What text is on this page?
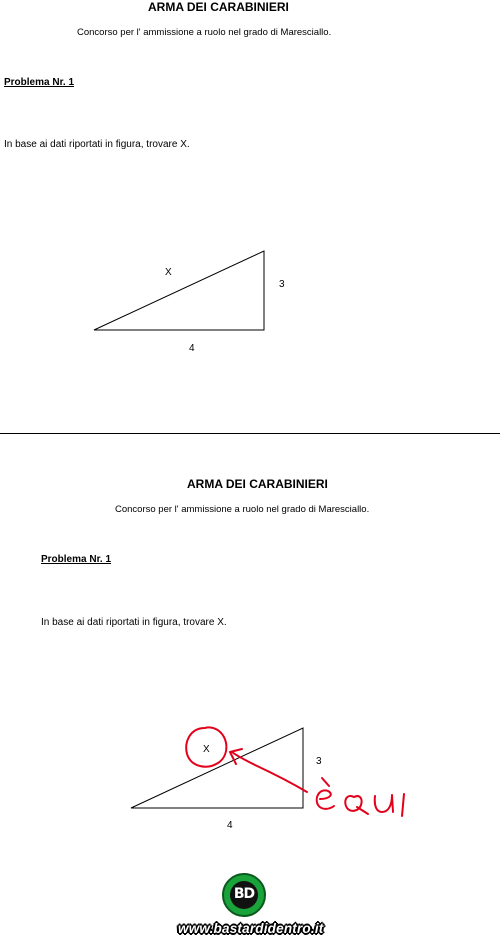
ARMA DEI CARABINIERI
Concorso per l' ammissione a ruolo nel grado di Maresciallo.
Problema Nr. 1
In base ai dati riportati in figura, trovare X.
X
3
4
ARMA DEI CARABINIERI
Concorso per l' ammissione a ruolo nel grado di Maresciallo.
Problema Nr. 1
In base ai dati riportati in figura, trovare X.
X
3
4
BD
www.bastardidentro.it
